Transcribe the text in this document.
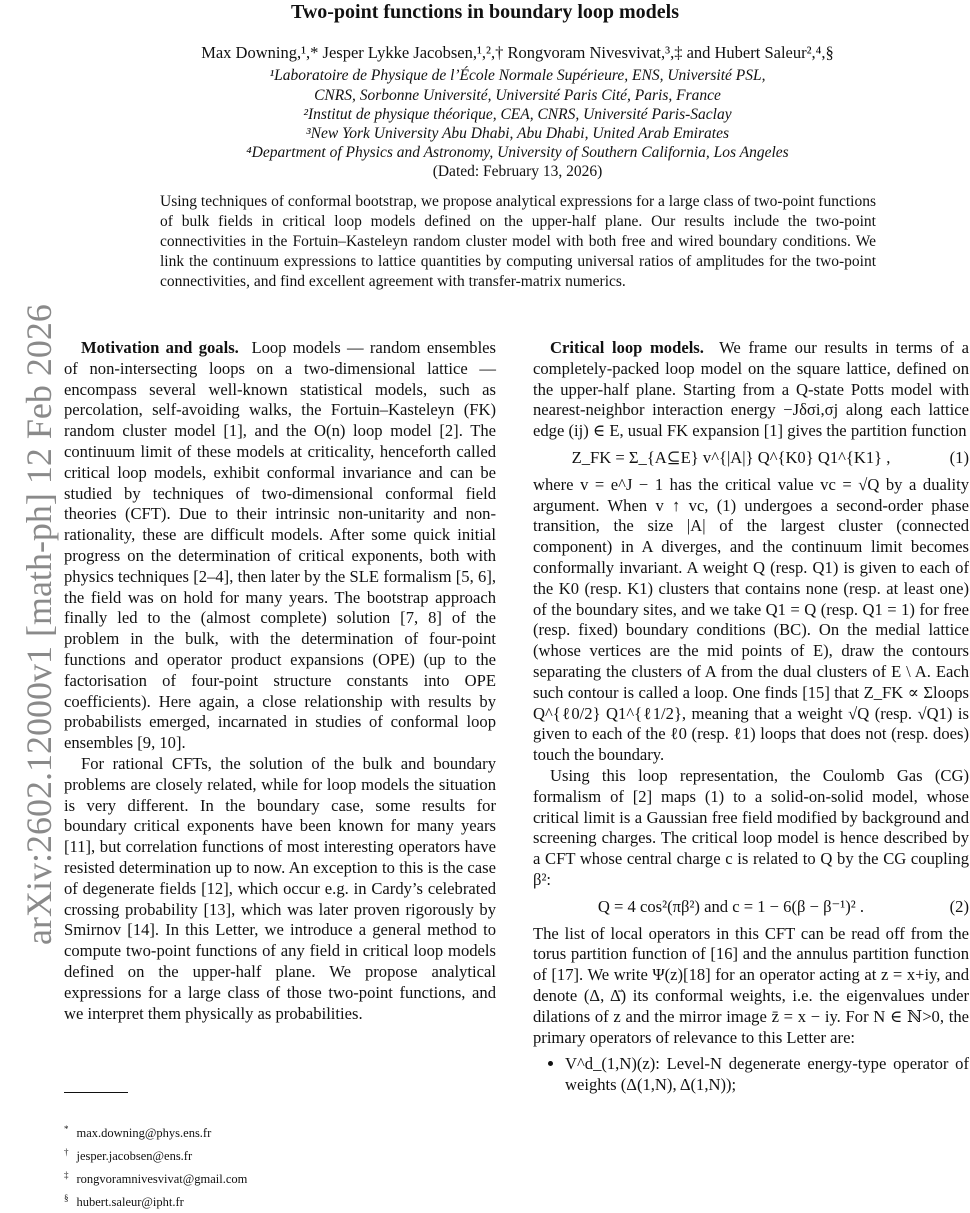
Two-point functions in boundary loop models
Max Downing,¹,* Jesper Lykke Jacobsen,¹,²,† Rongvoram Nivesvivat,³,‡ and Hubert Saleur²,⁴,§
¹Laboratoire de Physique de l’École Normale Supérieure, ENS, Université PSL,
CNRS, Sorbonne Université, Université Paris Cité, Paris, France
²Institut de physique théorique, CEA, CNRS, Université Paris-Saclay
³New York University Abu Dhabi, Abu Dhabi, United Arab Emirates
⁴Department of Physics and Astronomy, University of Southern California, Los Angeles
(Dated: February 13, 2026)
Using techniques of conformal bootstrap, we propose analytical expressions for a large class of two-point functions of bulk fields in critical loop models defined on the upper-half plane. Our results include the two-point connectivities in the Fortuin–Kasteleyn random cluster model with both free and wired boundary conditions. We link the continuum expressions to lattice quantities by computing universal ratios of amplitudes for the two-point connectivities, and find excellent agreement with transfer-matrix numerics.
arXiv:2602.12000v1 [math-ph] 12 Feb 2026	Motivation and goals. Loop models — random ensembles of non-intersecting loops on a two-dimensional lattice — encompass several well-known statistical models, such as percolation, self-avoiding walks, the Fortuin–Kasteleyn (FK) random cluster model [1], and the O(n) loop model [2]. The continuum limit of these models at criticality, henceforth called critical loop models, exhibit conformal invariance and can be studied by techniques of two-dimensional conformal field theories (CFT). Due to their intrinsic non-unitarity and non-rationality, these are difficult models. After some quick initial progress on the determination of critical exponents, both with physics techniques [2–4], then later by the SLE formalism [5, 6], the field was on hold for many years. The bootstrap approach finally led to the (almost complete) solution [7, 8] of the problem in the bulk, with the determination of four-point functions and operator product expansions (OPE) (up to the factorisation of four-point structure constants into OPE coefficients). Here again, a close relationship with results by probabilists emerged, incarnated in studies of conformal loop ensembles [9, 10].

For rational CFTs, the solution of the bulk and boundary problems are closely related, while for loop models the situation is very different. In the boundary case, some results for boundary critical exponents have been known for many years [11], but correlation functions of most interesting operators have resisted determination up to now. An exception to this is the case of degenerate fields [12], which occur e.g. in Cardy’s celebrated crossing probability [13], which was later proven rigorously by Smirnov [14]. In this Letter, we introduce a general method to compute two-point functions of any field in critical loop models defined on the upper-half plane. We propose analytical expressions for a large class of those two-point functions, and we interpret them physically as probabilities.

* max.downing@phys.ens.fr
† jesper.jacobsen@ens.fr
‡ rongvoramnivesvivat@gmail.com
§ hubert.saleur@ipht.fr

Critical loop models. We frame our results in terms of a completely-packed loop model on the square lattice, defined on the upper-half plane. Starting from a Q-state Potts model with nearest-neighbor interaction energy −Jδσi,σj along each lattice edge (ij) ∈ E, usual FK expansion [1] gives the partition function

Z_FK = Σ_{A⊆E} v^{|A|} Q^{K0} Q1^{K1} ,	(1)

where v = e^J − 1 has the critical value vc = √Q by a duality argument. When v ↑ vc, (1) undergoes a second-order phase transition, the size |A| of the largest cluster (connected component) in A diverges, and the continuum limit becomes conformally invariant. A weight Q (resp. Q1) is given to each of the K0 (resp. K1) clusters that contains none (resp. at least one) of the boundary sites, and we take Q1 = Q (resp. Q1 = 1) for free (resp. fixed) boundary conditions (BC). On the medial lattice (whose vertices are the mid points of E), draw the contours separating the clusters of A from the dual clusters of E \ A. Each such contour is called a loop. One finds [15] that Z_FK ∝ Σloops Q^{ℓ0/2} Q1^{ℓ1/2}, meaning that a weight √Q (resp. √Q1) is given to each of the ℓ0 (resp. ℓ1) loops that does not (resp. does) touch the boundary.

Using this loop representation, the Coulomb Gas (CG) formalism of [2] maps (1) to a solid-on-solid model, whose critical limit is a Gaussian free field modified by background and screening charges. The critical loop model is hence described by a CFT whose central charge c is related to Q by the CG coupling β²:

Q = 4 cos²(πβ²) and c = 1 − 6(β − β⁻¹)² .	(2)

The list of local operators in this CFT can be read off from the torus partition function of [16] and the annulus partition function of [17]. We write Ψ(z)[18] for an operator acting at z = x+iy, and denote (Δ, Δ̄) its conformal weights, i.e. the eigenvalues under dilations of z and the mirror image z̄ = x − iy. For N ∈ ℕ>0, the primary operators of relevance to this Letter are:

• V^d_(1,N)(z): Level-N degenerate energy-type operator of weights (Δ(1,N), Δ(1,N));
